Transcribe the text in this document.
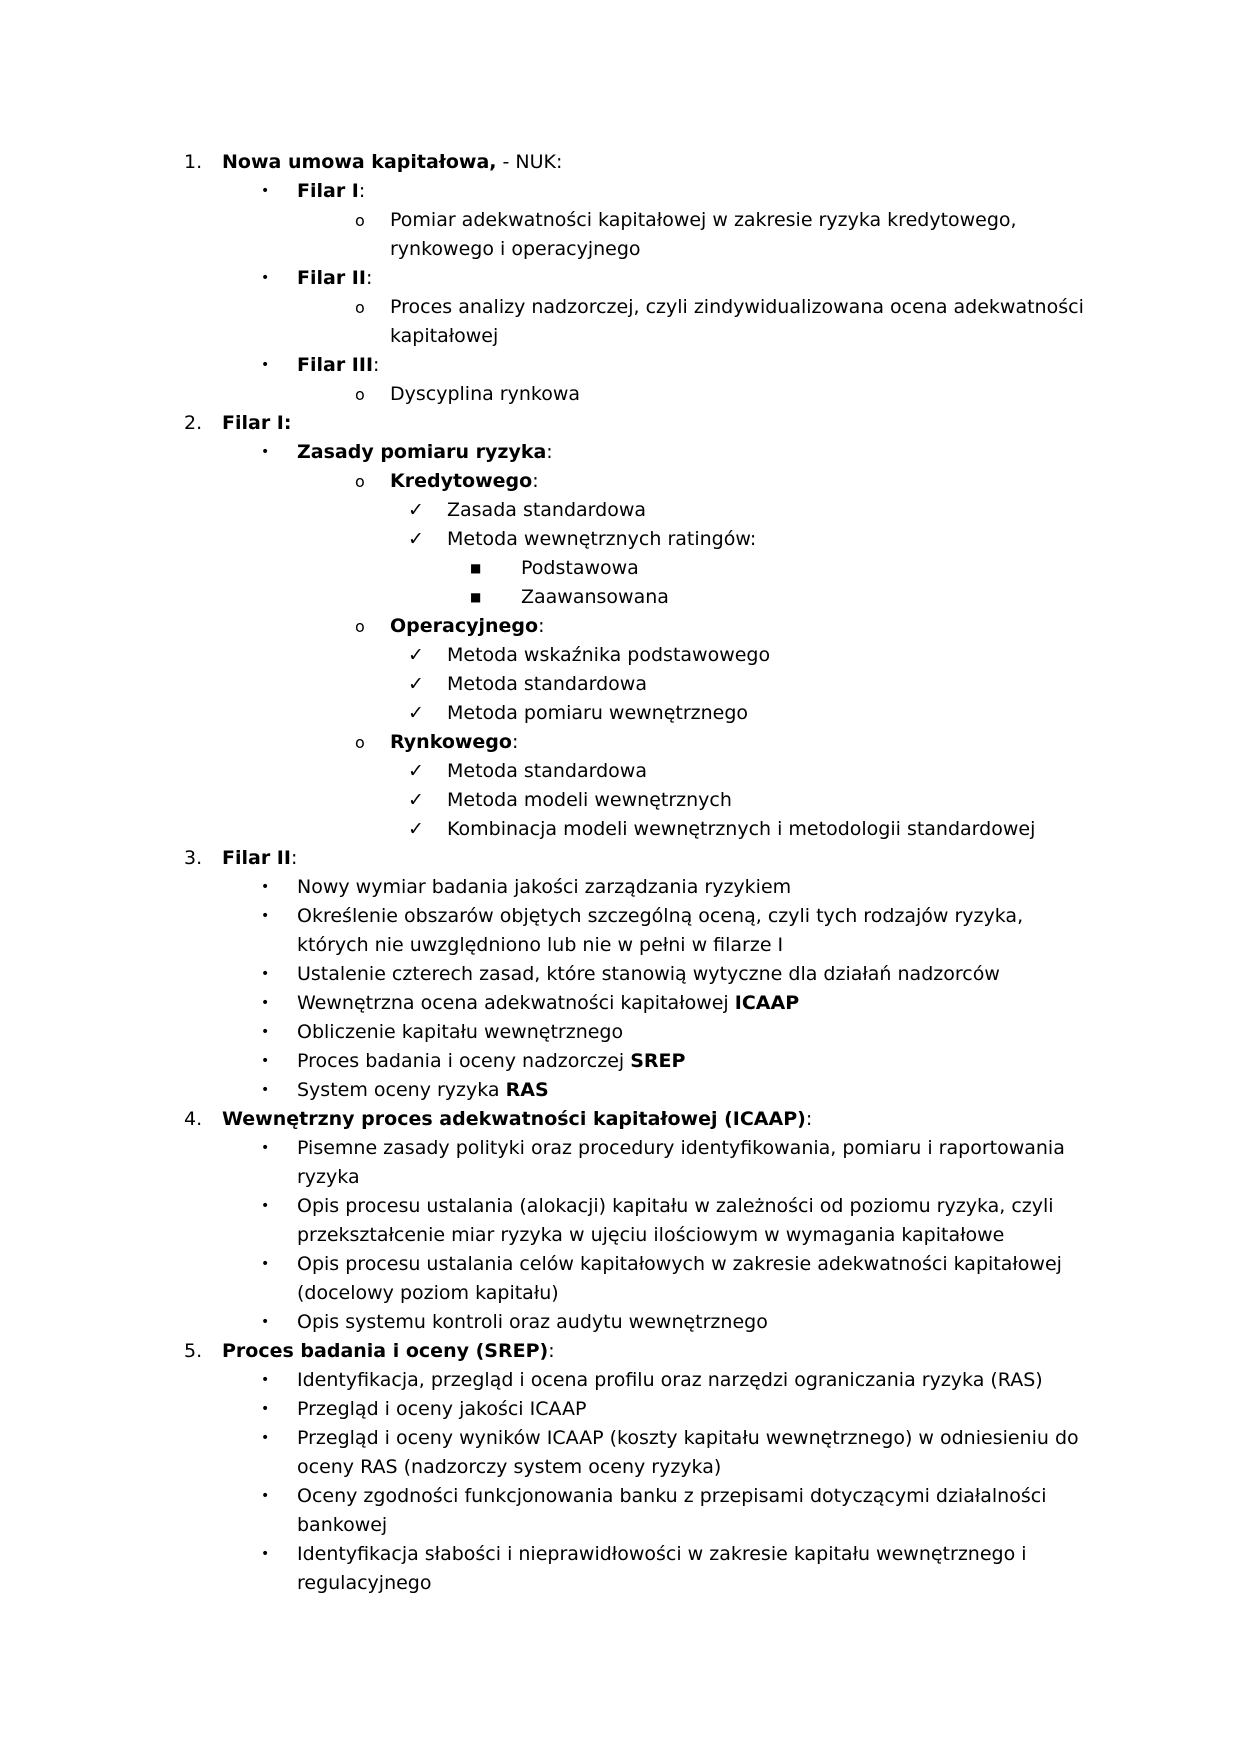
1. Nowa umowa kapitałowa, - NUK:
• Filar I:
o Pomiar adekwatności kapitałowej w zakresie ryzyka kredytowego,
rynkowego i operacyjnego
• Filar II:
o Proces analizy nadzorczej, czyli zindywidualizowana ocena adekwatności
kapitałowej
• Filar III:
o Dyscyplina rynkowa
2. Filar I:
• Zasady pomiaru ryzyka:
o Kredytowego:
✓ Zasada standardowa
✓ Metoda wewnętrznych ratingów:
■ Podstawowa
■ Zaawansowana
o Operacyjnego:
✓ Metoda wskaźnika podstawowego
✓ Metoda standardowa
✓ Metoda pomiaru wewnętrznego
o Rynkowego:
✓ Metoda standardowa
✓ Metoda modeli wewnętrznych
✓ Kombinacja modeli wewnętrznych i metodologii standardowej
3. Filar II:
• Nowy wymiar badania jakości zarządzania ryzykiem
• Określenie obszarów objętych szczególną oceną, czyli tych rodzajów ryzyka,
których nie uwzględniono lub nie w pełni w filarze I
• Ustalenie czterech zasad, które stanowią wytyczne dla działań nadzorców
• Wewnętrzna ocena adekwatności kapitałowej ICAAP
• Obliczenie kapitału wewnętrznego
• Proces badania i oceny nadzorczej SREP
• System oceny ryzyka RAS
4. Wewnętrzny proces adekwatności kapitałowej (ICAAP):
• Pisemne zasady polityki oraz procedury identyfikowania, pomiaru i raportowania
ryzyka
• Opis procesu ustalania (alokacji) kapitału w zależności od poziomu ryzyka, czyli
przekształcenie miar ryzyka w ujęciu ilościowym w wymagania kapitałowe
• Opis procesu ustalania celów kapitałowych w zakresie adekwatności kapitałowej
(docelowy poziom kapitału)
• Opis systemu kontroli oraz audytu wewnętrznego
5. Proces badania i oceny (SREP):
• Identyfikacja, przegląd i ocena profilu oraz narzędzi ograniczania ryzyka (RAS)
• Przegląd i oceny jakości ICAAP
• Przegląd i oceny wyników ICAAP (koszty kapitału wewnętrznego) w odniesieniu do
oceny RAS (nadzorczy system oceny ryzyka)
• Oceny zgodności funkcjonowania banku z przepisami dotyczącymi działalności
bankowej
• Identyfikacja słabości i nieprawidłowości w zakresie kapitału wewnętrznego i
regulacyjnego
